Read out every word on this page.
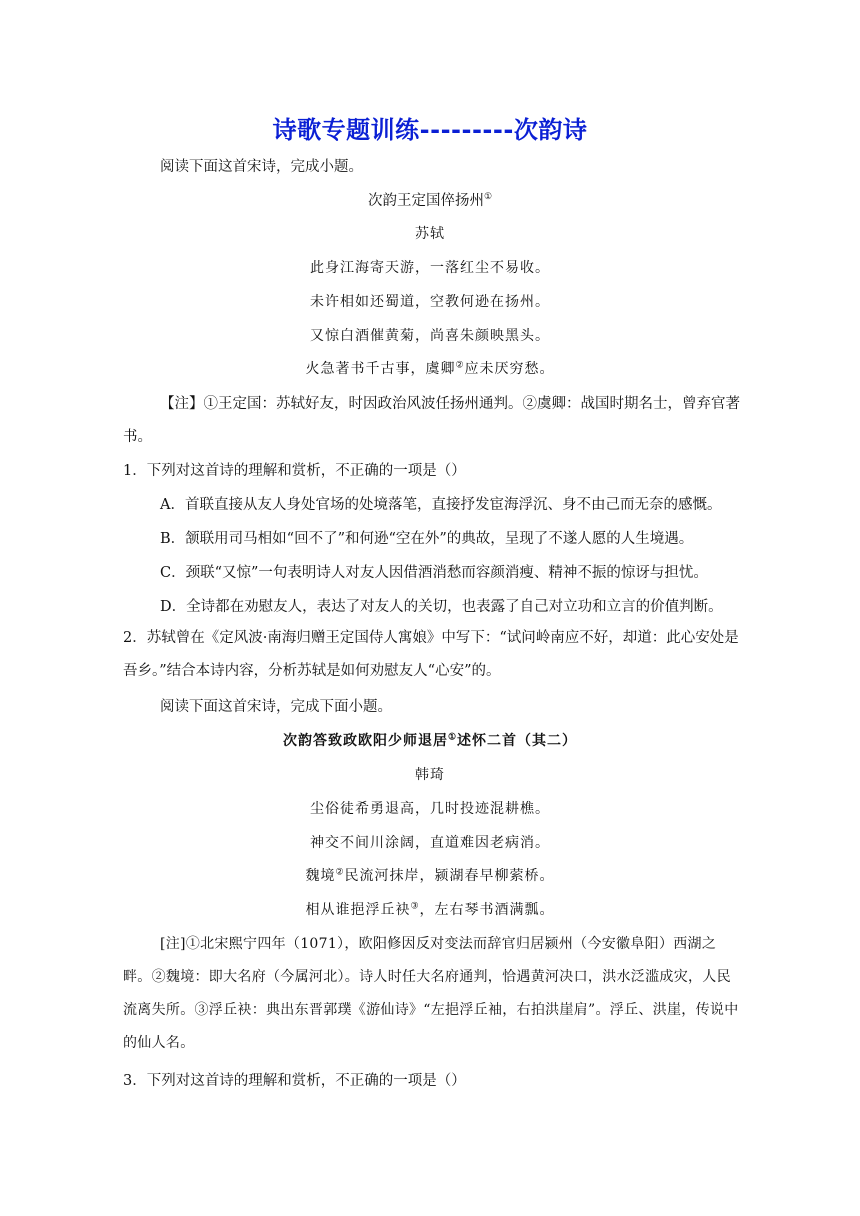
诗歌专题训练---------次韵诗
阅读下面这首宋诗，完成小题。
次韵王定国倅扬州①
苏轼
此身江海寄天游，一落红尘不易收。
未许相如还蜀道，空教何逊在扬州。
又惊白酒催黄菊，尚喜朱颜映黑头。
火急著书千古事，虞卿②应未厌穷愁。
【注】①王定国：苏轼好友，时因政治风波任扬州通判。②虞卿：战国时期名士，曾弃官著书。
1．下列对这首诗的理解和赏析，不正确的一项是（）
A．首联直接从友人身处官场的处境落笔，直接抒发宦海浮沉、身不由己而无奈的感慨。
B．颔联用司马相如“回不了”和何逊“空在外”的典故，呈现了不遂人愿的人生境遇。
C．颈联“又惊”一句表明诗人对友人因借酒消愁而容颜消瘦、精神不振的惊讶与担忧。
D．全诗都在劝慰友人，表达了对友人的关切，也表露了自己对立功和立言的价值判断。
2．苏轼曾在《定风波·南海归赠王定国侍人寓娘》中写下：“试问岭南应不好，却道：此心安处是吾乡。”结合本诗内容，分析苏轼是如何劝慰友人“心安”的。
阅读下面这首宋诗，完成下面小题。
次韵答致政欧阳少师退居①述怀二首（其二）
韩琦
尘俗徒希勇退高，几时投迹混耕樵。
神交不间川涂阔，直道难因老病消。
魏境②民流河抹岸，颍湖春早柳萦桥。
相从谁挹浮丘袂③，左右琴书酒满瓢。
[注]①北宋熙宁四年（1071），欧阳修因反对变法而辞官归居颍州（今安徽阜阳）西湖之畔。②魏境：即大名府（今属河北）。诗人时任大名府通判，恰遇黄河决口，洪水泛滥成灾，人民流离失所。③浮丘袂：典出东晋郭璞《游仙诗》“左挹浮丘袖，右拍洪崖肩”。浮丘、洪崖，传说中的仙人名。
3．下列对这首诗的理解和赏析，不正确的一项是（）
